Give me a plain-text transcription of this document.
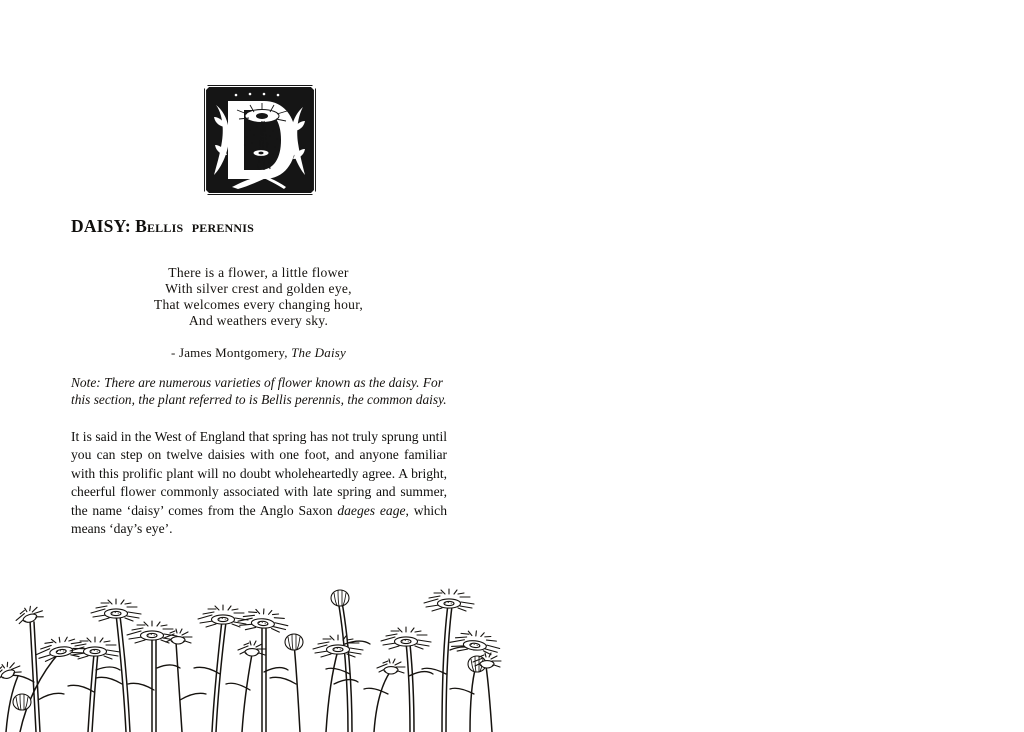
DAISY: Bellis perennis
There is a flower, a little flower
With silver crest and golden eye,
That welcomes every changing hour,
And weathers every sky.
- James Montgomery, The Daisy
Note: There are numerous varieties of flower known as the daisy. For this section, the plant referred to is Bellis perennis, the common daisy.
It is said in the West of England that spring has not truly sprung until you can step on twelve daisies with one foot, and anyone familiar with this prolific plant will no doubt wholeheartedly agree. A bright, cheerful flower commonly associated with late spring and summer, the name ‘daisy’ comes from the Anglo Saxon daeges eage, which means ‘day’s eye’.
